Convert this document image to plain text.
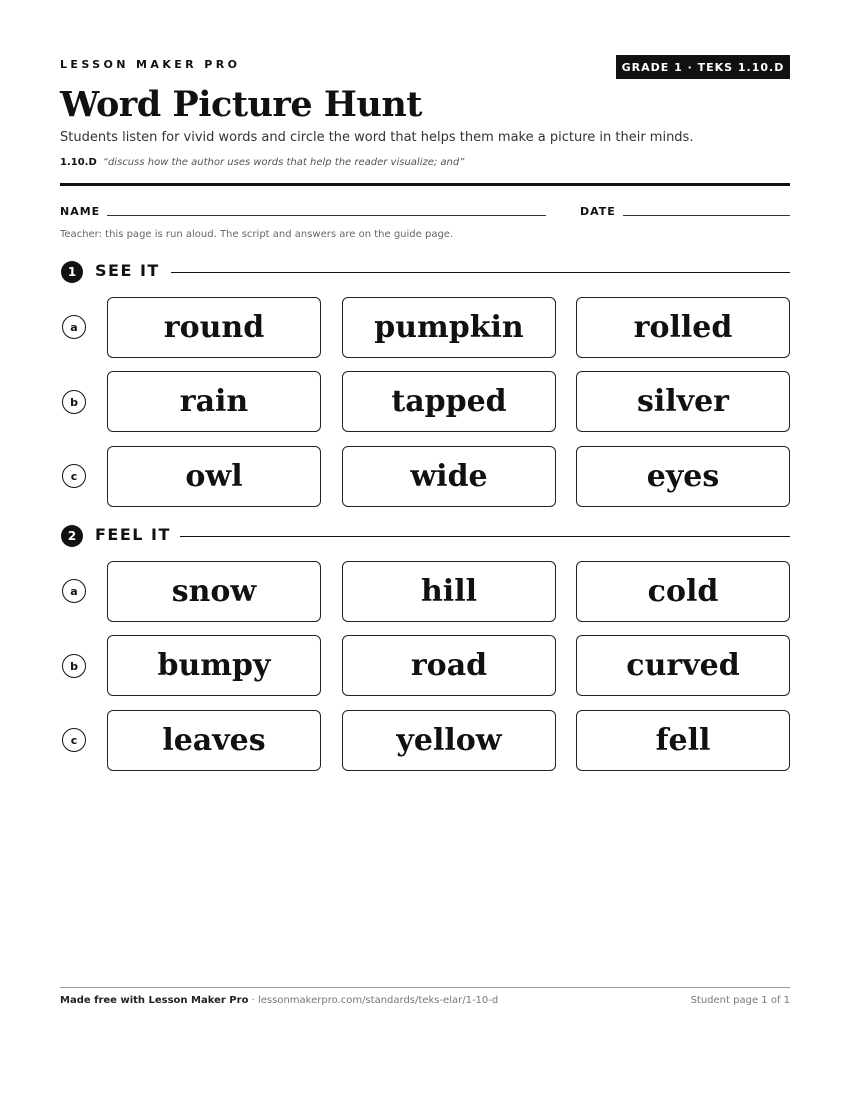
LESSON MAKER PRO	GRADE 1 · TEKS 1.10.D
Word Picture Hunt
Students listen for vivid words and circle the word that helps them make a picture in their minds.
1.10.D “discuss how the author uses words that help the reader visualize; and”
NAME	DATE
Teacher: this page is run aloud. The script and answers are on the guide page.
1	SEE IT
a	round	pumpkin	rolled
b	rain	tapped	silver
c	owl	wide	eyes
2	FEEL IT
a	snow	hill	cold
b	bumpy	road	curved
c	leaves	yellow	fell
Made free with Lesson Maker Pro · lessonmakerpro.com/standards/teks-elar/1-10-d	Student page 1 of 1
